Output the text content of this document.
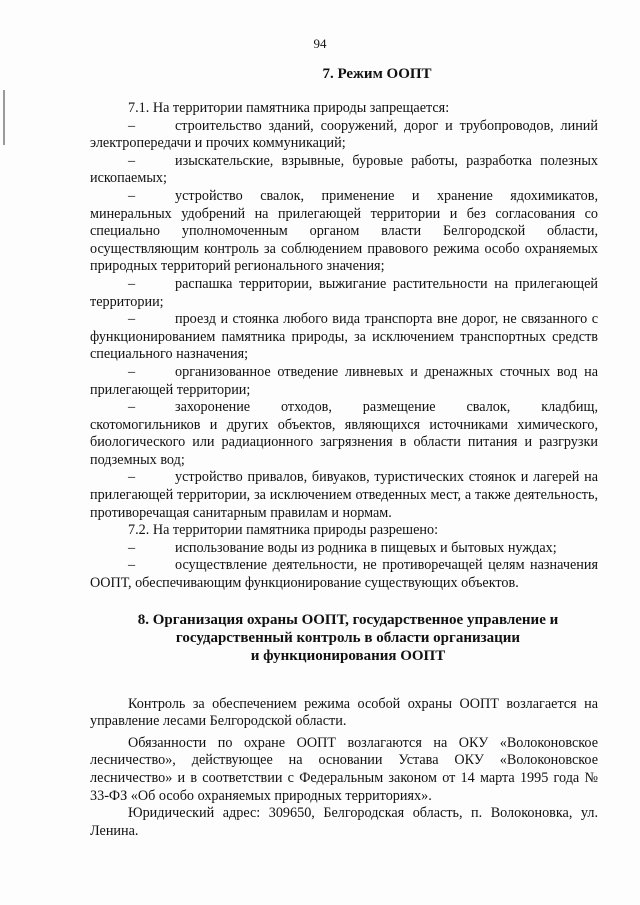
94
7. Режим ООПТ

7.1. На территории памятника природы запрещается:

–	строительство зданий, сооружений, дорог и трубопроводов, линий электропередачи и прочих коммуникаций;

–	изыскательские, взрывные, буровые работы, разработка полезных ископаемых;

–	устройство свалок, применение и хранение ядохимикатов, минеральных удобрений на прилегающей территории и без согласования со специально уполномоченным органом власти Белгородской области, осуществляющим контроль за соблюдением правового режима особо охраняемых природных территорий регионального значения;

–	распашка территории, выжигание растительности на прилегающей территории;

–	проезд и стоянка любого вида транспорта вне дорог, не связанного с функционированием памятника природы, за исключением транспортных средств специального назначения;

–	организованное отведение ливневых и дренажных сточных вод на прилегающей территории;

–	захоронение отходов, размещение свалок, кладбищ, скотомогильников и других объектов, являющихся источниками химического, биологического или радиационного загрязнения в области питания и разгрузки подземных вод;

–	устройство привалов, бивуаков, туристических стоянок и лагерей на прилегающей территории, за исключением отведенных мест, а также деятельность, противоречащая санитарным правилам и нормам.

7.2. На территории памятника природы разрешено:

–	использование воды из родника в пищевых и бытовых нуждах;

–	осуществление деятельности, не противоречащей целям назначения ООПТ, обеспечивающим функционирование существующих объектов.

8. Организация охраны ООПТ, государственное управление и
государственный контроль в области организации
и функционирования ООПТ

Контроль за обеспечением режима особой охраны ООПТ возлагается на управление лесами Белгородской области.

Обязанности по охране ООПТ возлагаются на ОКУ «Волоконовское лесничество», действующее на основании Устава ОКУ «Волоконовское лесничество» и в соответствии с Федеральным законом от 14 марта 1995 года № 33-ФЗ «Об особо охраняемых природных территориях».

Юридический адрес: 309650, Белгородская область, п. Волоконовка, ул. Ленина.
